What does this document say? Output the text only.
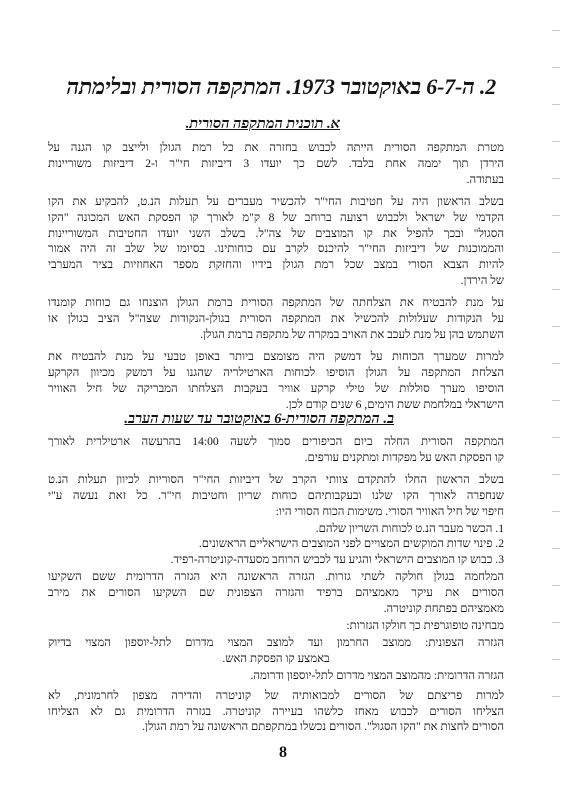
2. ה-6-7 באוקטובר 1973. המתקפה הסורית ובלימתה
א. תוכנית המתקפה הסורית.

מטרת המתקפה הסורית הייתה לכבוש בחזרה את כל רמת הגולן ולייצב קו הגנה על
הירדן תוך יממה אחת בלבד. לשם כך יועדו 3 דיביזות חי"ר ו-2 דיביזות משוריינות
בעתודה.

בשלב הראשון היה על חטיבות החי"ר להכשיר מעברים על תעלות הנ.ט, להבקיע את הקו
הקדמי של ישראל ולכבוש רצועה ברוחב של 8 ק"מ לאורך קו הפסקת האש המכונה "הקו
הסגול" ובכך להפיל את קו המוצבים של צה"ל. בשלב השני יועדו החטיבות המשוריינות
והממוכנות של דיביזות החי"ר להיכנס לקרב עם כוחותינו. בסיומו של שלב זה היה אמור
להיות הצבא הסורי במצב שכל רמת הגולן בידיו והחזקת מספר האחוזיות בציר המערבי
של הירדן.

על מנת להבטיח את הצלחתה של המתקפה הסורית ברמת הגולן הוצנחו גם כוחות קומנדו
על הנקודות שעלולות להכשיל את המתקפה הסורית בגולן-הנקודות שצה"ל הציב בגולן או
השתמש בהן על מנת לעכב את האויב במקרה של מתקפה ברמת הגולן.

למרות שמערך הכוחות על דמשק היה מצומצם ביותר באופן טבעי על מנת להבטיח את
הצלחת המתקפה על הגולן הוסיפו לכוחות הארטילריה שהגנו על דמשק מכיוון הקרקע
הוסיפו מערך סוללות של טילי קרקע אוויר בעקבות הצלחתו המבריקה של חיל האוויר
הישראלי במלחמת ששת הימים, 6 שנים קודם לכן.

ב. המתקפה הסורית-6 באוקטובר עד שעות הערב.

המתקפה הסורית החלה ביום הכיפורים סמוך לשעה 14:00 בהרעשה ארטילרית לאורך
קו הפסקת האש על מפקדות ומתקנים עורפים.

בשלב הראשון החלו להתקדם צוותי הקרב של דיביזות החי"ר הסוריות לכיוון תעלות הנ.ט
שנחפרה לאורך הקו שלנו ובעקבותיהם כוחות שריון וחטיבות חי"ר. כל זאת נעשה ע"י
חיפוי של חיל האוויר הסורי. משימות הכוח הסורי היו:

1. הכשר מעבר הנ.ט לכוחות השריון שלהם.
2. פינוי שדות המוקשים המצויים לפני המוצבים הישראליים הראשונים.
3. כבוש קו המוצבים הישראלי והגיע עד לכביש הרוחב מסעדה-קוניטרה-רפיד.

המלחמה בגולן חולקה לשתי גזרות. הגזרה הראשונה היא הגזרה הדרומית ששם השקיעו
הסורים את עיקר מאמציהם ברפיד והגזרה הצפונית שם השקיעו הסורים את מירב
מאמציהם בפתחת קוניטרה.

מבחינה טופוגרפית כך חולקו הגזרות:

הגזרה הצפונית: ממוצב החרמון ועד למוצב המצוי מדרום לתל-יוספון המצוי בדיוק
באמצע קו הפסקת האש.

הגזרה הדרומית: מהמוצב המצוי מדרום לתל-יוספון ודרומה.

למרות פריצתם של הסורים למבואותיה של קוניטרה והדירה מצפון לחרמונית, לא
הצליחו הסורים לכבוש מאחז כלשהו בעיירה קוניטרה. בגזרה הדרומית גם לא הצליחו
הסורים לחצות את "הקו הסגול". הסורים נכשלו במתקפתם הראשונה על רמת הגולן.

8
